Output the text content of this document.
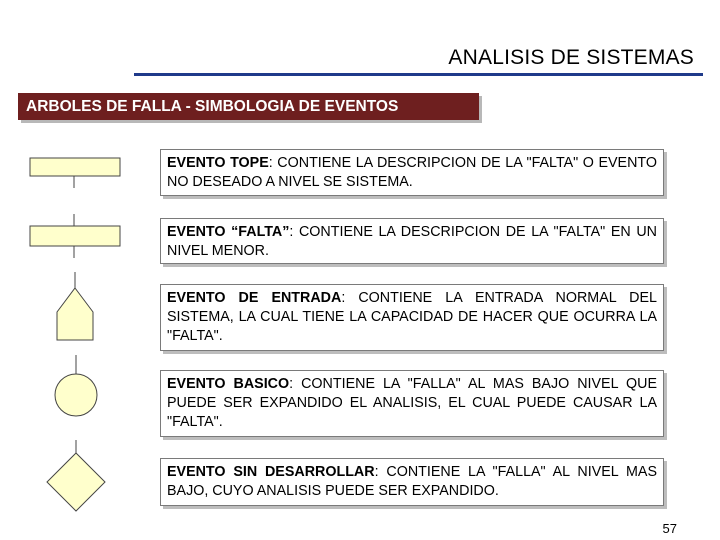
ANALISIS DE SISTEMAS
ARBOLES DE FALLA - SIMBOLOGIA DE EVENTOS
EVENTO TOPE: CONTIENE LA DESCRIPCION DE LA "FALTA" O EVENTO NO DESEADO A NIVEL SE SISTEMA.
EVENTO “FALTA”: CONTIENE LA DESCRIPCION DE LA "FALTA" EN UN NIVEL MENOR.
EVENTO DE ENTRADA: CONTIENE LA ENTRADA NORMAL DEL SISTEMA, LA CUAL TIENE LA CAPACIDAD DE HACER QUE OCURRA LA "FALTA".
EVENTO BASICO: CONTIENE LA "FALLA" AL MAS BAJO NIVEL QUE PUEDE SER EXPANDIDO EL ANALISIS, EL CUAL PUEDE CAUSAR LA "FALTA".
EVENTO SIN DESARROLLAR: CONTIENE LA "FALLA" AL NIVEL MAS BAJO, CUYO ANALISIS PUEDE SER EXPANDIDO.
57
